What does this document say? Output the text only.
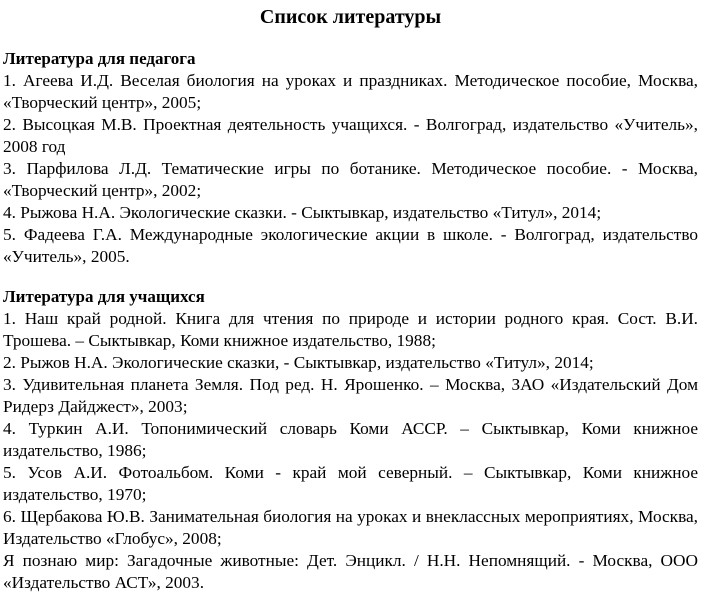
Список литературы

Литература для педагога

1. Агеева И.Д. Веселая биология на уроках и праздниках. Методическое пособие, Москва, «Творческий центр», 2005;

2. Высоцкая М.В. Проектная деятельность учащихся. - Волгоград, издательство «Учитель», 2008 год

3. Парфилова Л.Д. Тематические игры по ботанике. Методическое пособие. - Москва, «Творческий центр», 2002;

4. Рыжова Н.А. Экологические сказки. - Сыктывкар, издательство «Титул», 2014;

5. Фадеева Г.А. Международные экологические акции в школе. - Волгоград, издательство «Учитель», 2005.

Литература для учащихся

1. Наш край родной. Книга для чтения по природе и истории родного края. Сост. В.И. Трошева. – Сыктывкар, Коми книжное издательство, 1988;

2. Рыжов Н.А. Экологические сказки, - Сыктывкар, издательство «Титул», 2014;

3. Удивительная планета Земля. Под ред. Н. Ярошенко. – Москва, ЗАО «Издательский Дом Ридерз Дайджест», 2003;

4. Туркин А.И. Топонимический словарь Коми АССР. – Сыктывкар, Коми книжное издательство, 1986;

5. Усов А.И. Фотоальбом. Коми - край мой северный. – Сыктывкар, Коми книжное издательство, 1970;

6. Щербакова Ю.В. Занимательная биология на уроках и внеклассных мероприятиях, Москва, Издательство «Глобус», 2008;

Я познаю мир: Загадочные животные: Дет. Энцикл. / Н.Н. Непомнящий. - Москва, ООО «Издательство АСТ», 2003.
